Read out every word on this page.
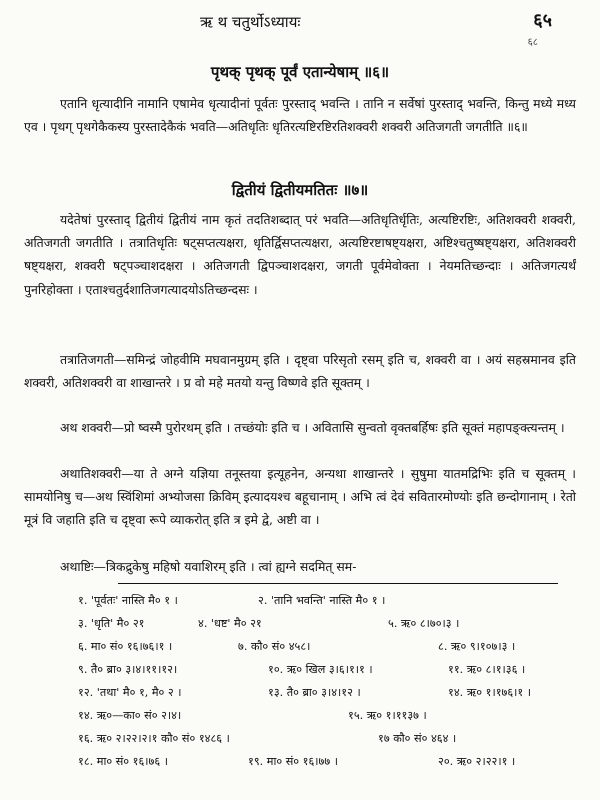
ऋ थ चतुर्थोऽध्यायः	६५
६८
पृथक् पृथक् पूर्वं एतान्येषाम् ॥६॥
एतानि धृत्यादीनि नामानि एषामेव धृत्यादीनां पूर्वतः पुरस्ताद् भवन्ति । तानि न सर्वेषां पुरस्ताद् भवन्ति, किन्तु मध्ये मध्य एव । पृथग् पृथगेकैकस्य पुरस्तादेकैकं भवति—अतिधृतिः धृतिरत्यष्टिरष्टिरतिशक्वरी शक्वरी अतिजगती जगतीति ॥६॥
द्वितीयं द्वितीयमतितः ॥७॥
यदेतेषां पुरस्ताद् द्वितीयं द्वितीयं नाम कृतं तदतिशब्दात् परं भवति—अतिधृतिर्धृतिः, अत्यष्टिरष्टिः, अतिशक्वरी शक्वरी, अतिजगती जगतीति । तत्रातिधृतिः षट्सप्तत्यक्षरा, धृतिर्द्विसप्तत्यक्षरा, अत्यष्टिरष्टाषष्ट्यक्षरा, अष्टिश्चतुष्षष्ट्यक्षरा, अतिशक्वरी षष्ट्यक्षरा, शक्वरी षट्पञ्चाशदक्षरा । अतिजगती द्विपञ्चाशदक्षरा, जगती पूर्वमेवोक्ता । नेयमतिच्छन्दाः । अतिजगत्यर्थं पुनरिहोक्ता । एताश्चतुर्दशातिजगत्यादयोऽतिच्छन्दसः ।
तत्रातिजगती—समिन्द्रं जोहवीमि मघवानमुग्रम् इति । दृष्ट्वा परिसृतो रसम् इति च, शक्वरी वा । अयं सहस्रमानव इति शक्वरी, अतिशक्वरी वा शाखान्तरे । प्र वो महे मतयो यन्तु विष्णवे इति सूक्तम् ।
अथ शक्वरी—प्रो ष्वस्मै पुरोरथम् इति । तच्छंयोः इति च । अवितासि सुन्वतो वृक्तबर्हिषः इति सूक्तं महापङ्क्त्यन्तम् ।
अथातिशक्वरी—या ते अग्ने यज्ञिया तनूस्तया इत्यूहनेन, अन्यथा शाखान्तरे । सुषुमा यातमद्रिभिः इति च सूक्तम् । सामयोनिषु च—अथ स्विंशिमां अभ्योजसा क्रिविम् इत्यादयश्च बहूचानाम् । अभि त्वं देवं सवितारमोण्योः इति छन्दोगानाम् । रेतो मूत्रं वि जहाति इति च दृष्ट्वा रूपे व्याकरोत् इति त्र इमे द्वे, अष्टी वा ।
अथाष्टिः—त्रिकद्रुकेषु महिषो यवाशिरम् इति । त्वां ह्यग्ने सदमित् सम-
१. 'पूर्वतः' नास्ति मै० १ ।	२. 'तानि भवन्ति' नास्ति मै० १ ।
३. 'धृति' मै० २१	४. 'धष्ट' मै० २१	५. ऋ० ८।७०।३ ।
६. मा० सं० १६।७६।१ ।	७. कौ० सं० ४५८।	८. ऋ० ९।१०७।३ ।
९. तै० ब्रा० ३।४।११।१२।	१०. ऋ० खिल ३।६।१।१ ।	११. ऋ० ८।१।३६ ।
१२. 'तथा' मै० १, मै० २ ।	१३. तै० ब्रा० ३।४।१२ ।	१४. ऋ० १।१७६।१ ।
१४. ऋ०—का० सं० २।४।	१५. ऋ० १।११३७ ।
१६. ऋ० २।२२।२।१ कौ० सं० १४८६ ।	१७ कौ० सं० ४६४ ।
१८. मा० सं० १६।७६ ।	१९. मा० सं० १६।७७ ।	२०. ऋ० २।२२।१ ।
